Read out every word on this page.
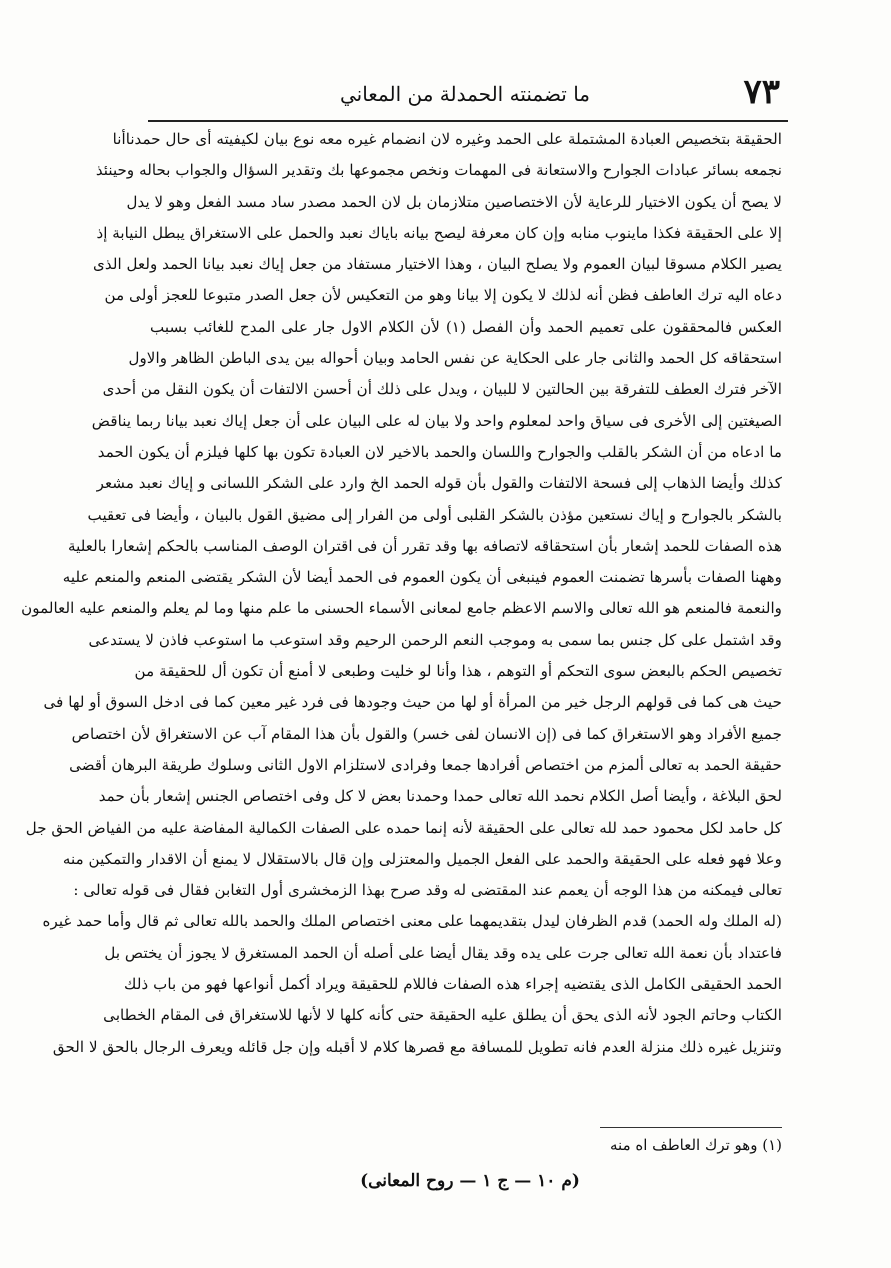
٧٣
ما تضمنته الحمدلة من المعاني
الحقيقة بتخصيص العبادة المشتملة على الحمد وغيره لان انضمام غيره معه نوع بيان لكيفيته أى حال حمدناأنا
نجمعه بسائر عبادات الجوارح والاستعانة فى المهمات ونخص مجموعها بك وتقدير السؤال والجواب بحاله وحينئذ
لا يصح أن يكون الاختيار للرعاية لأن الاختصاصين متلازمان بل لان الحمد مصدر ساد مسد الفعل وهو لا يدل
إلا على الحقيقة فكذا ماينوب منابه وإن كان معرفة ليصح بيانه باياك نعبد والحمل على الاستغراق يبطل النيابة إذ
يصير الكلام مسوقا لبيان العموم ولا يصلح البيان ، وهذا الاختيار مستفاد من جعل إياك نعبد بيانا الحمد ولعل الذى
دعاه اليه ترك العاطف فظن أنه لذلك لا يكون إلا بيانا وهو من التعكيس لأن جعل الصدر متبوعا للعجز أولى من
العكس فالمحققون على تعميم الحمد وأن الفصل (١) لأن الكلام الاول جار على المدح للغائب بسبب
استحقاقه كل الحمد والثانى جار على الحكاية عن نفس الحامد وبيان أحواله بين يدى الباطن الظاهر والاول
الآخر فترك العطف للتفرقة بين الحالتين لا للبيان ، ويدل على ذلك أن أحسن الالتفات أن يكون النقل من أحدى
الصيغتين إلى الأخرى فى سياق واحد لمعلوم واحد ولا بيان له على البيان على أن جعل إياك نعبد بيانا ربما يناقض
ما ادعاه من أن الشكر بالقلب والجوارح واللسان والحمد بالاخير لان العبادة تكون بها كلها فيلزم أن يكون الحمد
كذلك وأيضا الذهاب إلى فسحة الالتفات والقول بأن قوله الحمد الخ وارد على الشكر اللسانى و إياك نعبد مشعر
بالشكر بالجوارح و إياك نستعين مؤذن بالشكر القلبى أولى من الفرار إلى مضيق القول بالبيان ، وأيضا فى تعقيب
هذه الصفات للحمد إشعار بأن استحقاقه لاتصافه بها وقد تقرر أن فى اقتران الوصف المناسب بالحكم إشعارا بالعلية
وههنا الصفات بأسرها تضمنت العموم فينبغى أن يكون العموم فى الحمد أيضا لأن الشكر يقتضى المنعم والمنعم عليه
والنعمة فالمنعم هو الله تعالى والاسم الاعظم جامع لمعانى الأسماء الحسنى ما علم منها وما لم يعلم والمنعم عليه العالمون
وقد اشتمل على كل جنس بما سمى به وموجب النعم الرحمن الرحيم وقد استوعب ما استوعب فاذن لا يستدعى
تخصيص الحكم بالبعض سوى التحكم أو التوهم ، هذا وأنا لو خليت وطبعى لا أمنع أن تكون أل للحقيقة من
حيث هى كما فى قولهم الرجل خير من المرأة أو لها من حيث وجودها فى فرد غير معين كما فى ادخل السوق أو لها فى
جميع الأفراد وهو الاستغراق كما فى (إن الانسان لفى خسر) والقول بأن هذا المقام آب عن الاستغراق لأن اختصاص
حقيقة الحمد به تعالى ألمزم من اختصاص أفرادها جمعا وفرادى لاستلزام الاول الثانى وسلوك طريقة البرهان أقضى
لحق البلاغة ، وأيضا أصل الكلام نحمد الله تعالى حمدا وحمدنا بعض لا كل وفى اختصاص الجنس إشعار بأن حمد
كل حامد لكل محمود حمد لله تعالى على الحقيقة لأنه إنما حمده على الصفات الكمالية المفاضة عليه من الفياض الحق جل
وعلا فهو فعله على الحقيقة والحمد على الفعل الجميل والمعتزلى وإن قال بالاستقلال لا يمنع أن الاقدار والتمكين منه
تعالى فيمكنه من هذا الوجه أن يعمم عند المقتضى له وقد صرح بهذا الزمخشرى أول التغابن فقال فى قوله تعالى :
(له الملك وله الحمد) قدم الظرفان ليدل بتقديمهما على معنى اختصاص الملك والحمد بالله تعالى ثم قال وأما حمد غيره
فاعتداد بأن نعمة الله تعالى جرت على يده وقد يقال أيضا على أصله أن الحمد المستغرق لا يجوز أن يختص بل
الحمد الحقيقى الكامل الذى يقتضيه إجراء هذه الصفات فاللام للحقيقة ويراد أكمل أنواعها فهو من باب ذلك
الكتاب وحاتم الجود لأنه الذى يحق أن يطلق عليه الحقيقة حتى كأنه كلها لا لأنها للاستغراق فى المقام الخطابى
وتنزيل غيره ذلك منزلة العدم فانه تطويل للمسافة مع قصرها كلام لا أقبله وإن جل قائله ويعرف الرجال بالحق لا الحق
(١) وهو ترك العاطف اه منه
(م ١٠ — ج ١ — روح المعانى)
